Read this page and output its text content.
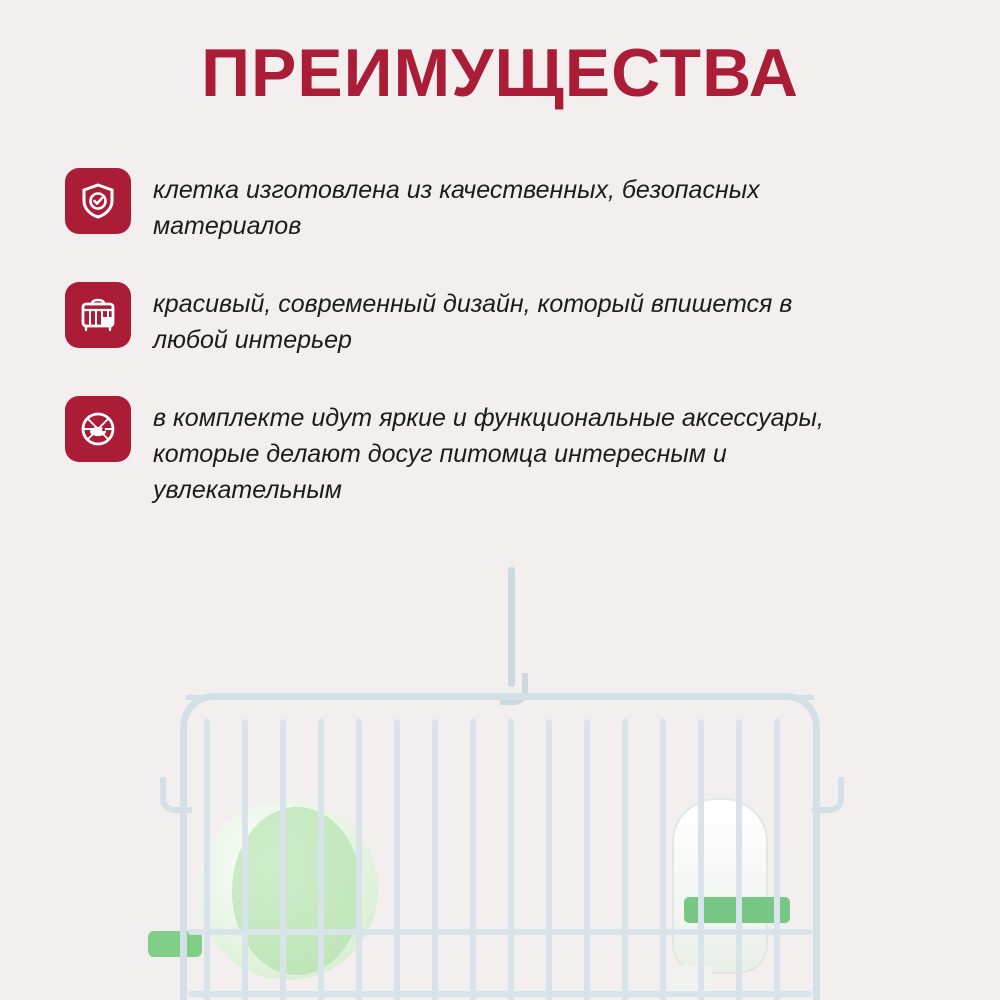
ПРЕИМУЩЕСТВА
клетка изготовлена из качественных, безопасных материалов
красивый, современный дизайн, который впишется в любой интерьер
в комплекте идут яркие и функциональные аксессуары, которые делают досуг питомца интересным и увлекательным
